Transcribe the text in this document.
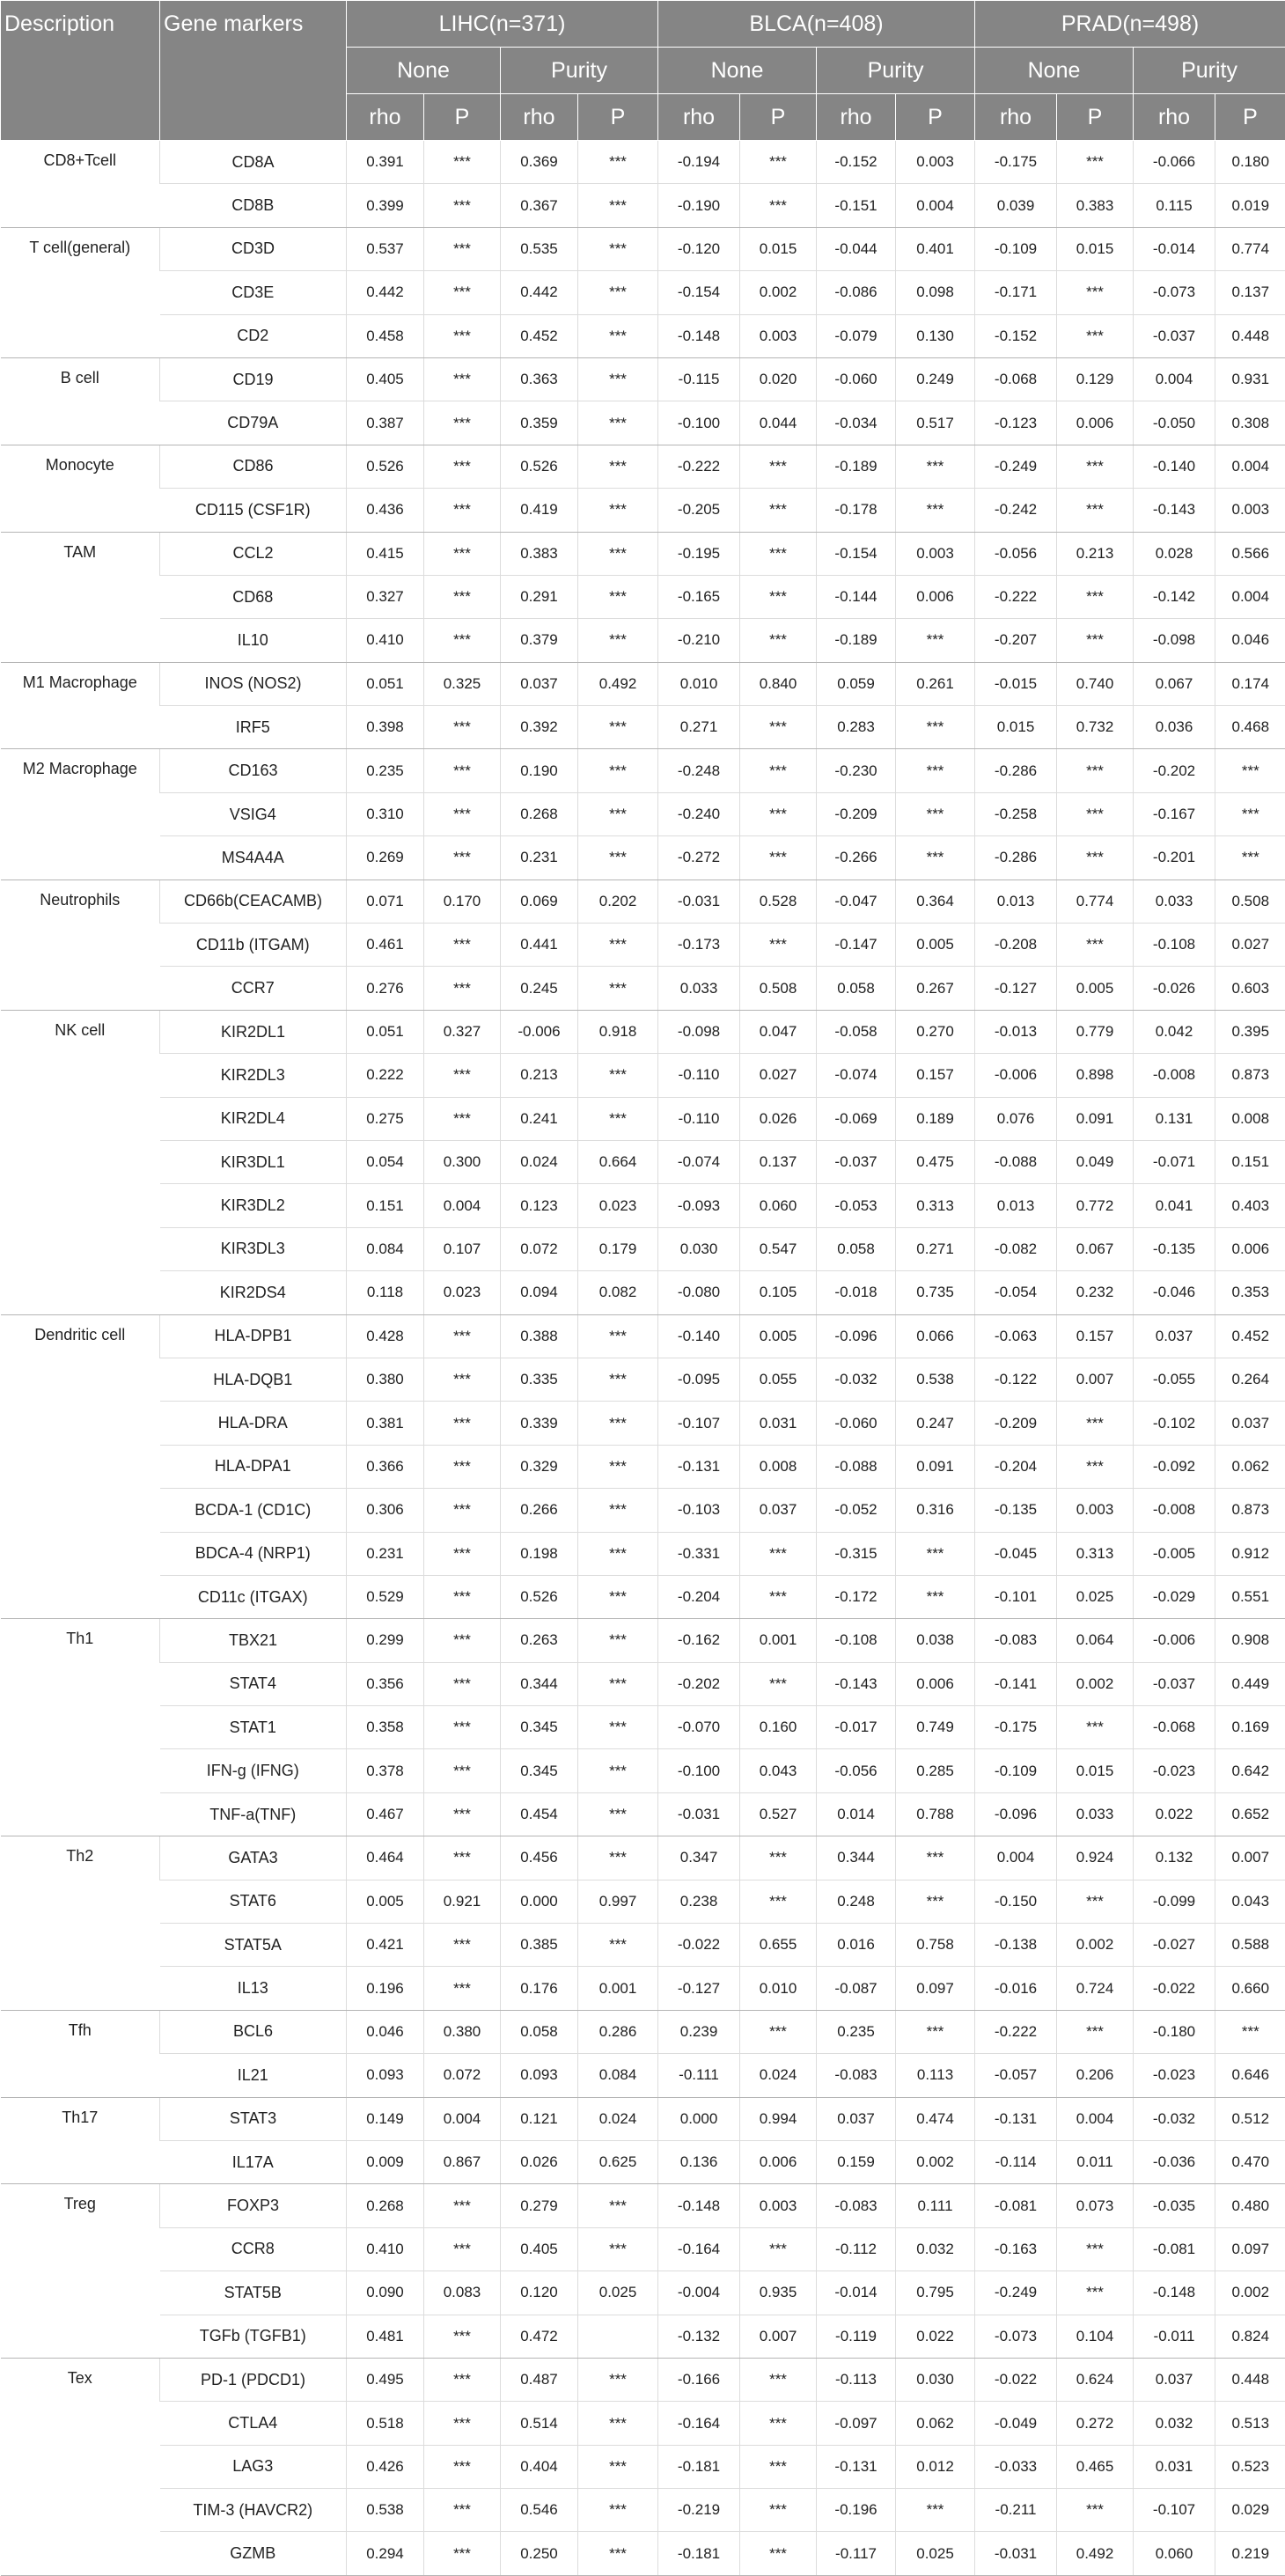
Description	Gene markers	LIHC(n=371)				BLCA(n=408)				PRAD(n=498)			
		None		Purity		None		Purity		None		Purity	
		rho	P	rho	P	rho	P	rho	P	rho	P	rho	P
CD8+Tcell	CD8A	0.391	***	0.369	***	-0.194	***	-0.152	0.003	-0.175	***	-0.066	0.180
	CD8B	0.399	***	0.367	***	-0.190	***	-0.151	0.004	0.039	0.383	0.115	0.019
T cell(general)	CD3D	0.537	***	0.535	***	-0.120	0.015	-0.044	0.401	-0.109	0.015	-0.014	0.774
	CD3E	0.442	***	0.442	***	-0.154	0.002	-0.086	0.098	-0.171	***	-0.073	0.137
	CD2	0.458	***	0.452	***	-0.148	0.003	-0.079	0.130	-0.152	***	-0.037	0.448
B cell	CD19	0.405	***	0.363	***	-0.115	0.020	-0.060	0.249	-0.068	0.129	0.004	0.931
	CD79A	0.387	***	0.359	***	-0.100	0.044	-0.034	0.517	-0.123	0.006	-0.050	0.308
Monocyte	CD86	0.526	***	0.526	***	-0.222	***	-0.189	***	-0.249	***	-0.140	0.004
	CD115 (CSF1R)	0.436	***	0.419	***	-0.205	***	-0.178	***	-0.242	***	-0.143	0.003
TAM	CCL2	0.415	***	0.383	***	-0.195	***	-0.154	0.003	-0.056	0.213	0.028	0.566
	CD68	0.327	***	0.291	***	-0.165	***	-0.144	0.006	-0.222	***	-0.142	0.004
	IL10	0.410	***	0.379	***	-0.210	***	-0.189	***	-0.207	***	-0.098	0.046
M1 Macrophage	INOS (NOS2)	0.051	0.325	0.037	0.492	0.010	0.840	0.059	0.261	-0.015	0.740	0.067	0.174
	IRF5	0.398	***	0.392	***	0.271	***	0.283	***	0.015	0.732	0.036	0.468
M2 Macrophage	CD163	0.235	***	0.190	***	-0.248	***	-0.230	***	-0.286	***	-0.202	***
	VSIG4	0.310	***	0.268	***	-0.240	***	-0.209	***	-0.258	***	-0.167	***
	MS4A4A	0.269	***	0.231	***	-0.272	***	-0.266	***	-0.286	***	-0.201	***
Neutrophils	CD66b(CEACAMB)	0.071	0.170	0.069	0.202	-0.031	0.528	-0.047	0.364	0.013	0.774	0.033	0.508
	CD11b (ITGAM)	0.461	***	0.441	***	-0.173	***	-0.147	0.005	-0.208	***	-0.108	0.027
	CCR7	0.276	***	0.245	***	0.033	0.508	0.058	0.267	-0.127	0.005	-0.026	0.603
NK cell	KIR2DL1	0.051	0.327	-0.006	0.918	-0.098	0.047	-0.058	0.270	-0.013	0.779	0.042	0.395
	KIR2DL3	0.222	***	0.213	***	-0.110	0.027	-0.074	0.157	-0.006	0.898	-0.008	0.873
	KIR2DL4	0.275	***	0.241	***	-0.110	0.026	-0.069	0.189	0.076	0.091	0.131	0.008
	KIR3DL1	0.054	0.300	0.024	0.664	-0.074	0.137	-0.037	0.475	-0.088	0.049	-0.071	0.151
	KIR3DL2	0.151	0.004	0.123	0.023	-0.093	0.060	-0.053	0.313	0.013	0.772	0.041	0.403
	KIR3DL3	0.084	0.107	0.072	0.179	0.030	0.547	0.058	0.271	-0.082	0.067	-0.135	0.006
	KIR2DS4	0.118	0.023	0.094	0.082	-0.080	0.105	-0.018	0.735	-0.054	0.232	-0.046	0.353
Dendritic cell	HLA-DPB1	0.428	***	0.388	***	-0.140	0.005	-0.096	0.066	-0.063	0.157	0.037	0.452
	HLA-DQB1	0.380	***	0.335	***	-0.095	0.055	-0.032	0.538	-0.122	0.007	-0.055	0.264
	HLA-DRA	0.381	***	0.339	***	-0.107	0.031	-0.060	0.247	-0.209	***	-0.102	0.037
	HLA-DPA1	0.366	***	0.329	***	-0.131	0.008	-0.088	0.091	-0.204	***	-0.092	0.062
	BCDA-1 (CD1C)	0.306	***	0.266	***	-0.103	0.037	-0.052	0.316	-0.135	0.003	-0.008	0.873
	BDCA-4 (NRP1)	0.231	***	0.198	***	-0.331	***	-0.315	***	-0.045	0.313	-0.005	0.912
	CD11c (ITGAX)	0.529	***	0.526	***	-0.204	***	-0.172	***	-0.101	0.025	-0.029	0.551
Th1	TBX21	0.299	***	0.263	***	-0.162	0.001	-0.108	0.038	-0.083	0.064	-0.006	0.908
	STAT4	0.356	***	0.344	***	-0.202	***	-0.143	0.006	-0.141	0.002	-0.037	0.449
	STAT1	0.358	***	0.345	***	-0.070	0.160	-0.017	0.749	-0.175	***	-0.068	0.169
	IFN-g (IFNG)	0.378	***	0.345	***	-0.100	0.043	-0.056	0.285	-0.109	0.015	-0.023	0.642
	TNF-a(TNF)	0.467	***	0.454	***	-0.031	0.527	0.014	0.788	-0.096	0.033	0.022	0.652
Th2	GATA3	0.464	***	0.456	***	0.347	***	0.344	***	0.004	0.924	0.132	0.007
	STAT6	0.005	0.921	0.000	0.997	0.238	***	0.248	***	-0.150	***	-0.099	0.043
	STAT5A	0.421	***	0.385	***	-0.022	0.655	0.016	0.758	-0.138	0.002	-0.027	0.588
	IL13	0.196	***	0.176	0.001	-0.127	0.010	-0.087	0.097	-0.016	0.724	-0.022	0.660
Tfh	BCL6	0.046	0.380	0.058	0.286	0.239	***	0.235	***	-0.222	***	-0.180	***
	IL21	0.093	0.072	0.093	0.084	-0.111	0.024	-0.083	0.113	-0.057	0.206	-0.023	0.646
Th17	STAT3	0.149	0.004	0.121	0.024	0.000	0.994	0.037	0.474	-0.131	0.004	-0.032	0.512
	IL17A	0.009	0.867	0.026	0.625	0.136	0.006	0.159	0.002	-0.114	0.011	-0.036	0.470
Treg	FOXP3	0.268	***	0.279	***	-0.148	0.003	-0.083	0.111	-0.081	0.073	-0.035	0.480
	CCR8	0.410	***	0.405	***	-0.164	***	-0.112	0.032	-0.163	***	-0.081	0.097
	STAT5B	0.090	0.083	0.120	0.025	-0.004	0.935	-0.014	0.795	-0.249	***	-0.148	0.002
	TGFb (TGFB1)	0.481	***	0.472		-0.132	0.007	-0.119	0.022	-0.073	0.104	-0.011	0.824
Tex	PD-1 (PDCD1)	0.495	***	0.487	***	-0.166	***	-0.113	0.030	-0.022	0.624	0.037	0.448
	CTLA4	0.518	***	0.514	***	-0.164	***	-0.097	0.062	-0.049	0.272	0.032	0.513
	LAG3	0.426	***	0.404	***	-0.181	***	-0.131	0.012	-0.033	0.465	0.031	0.523
	TIM-3 (HAVCR2)	0.538	***	0.546	***	-0.219	***	-0.196	***	-0.211	***	-0.107	0.029
	GZMB	0.294	***	0.250	***	-0.181	***	-0.117	0.025	-0.031	0.492	0.060	0.219
